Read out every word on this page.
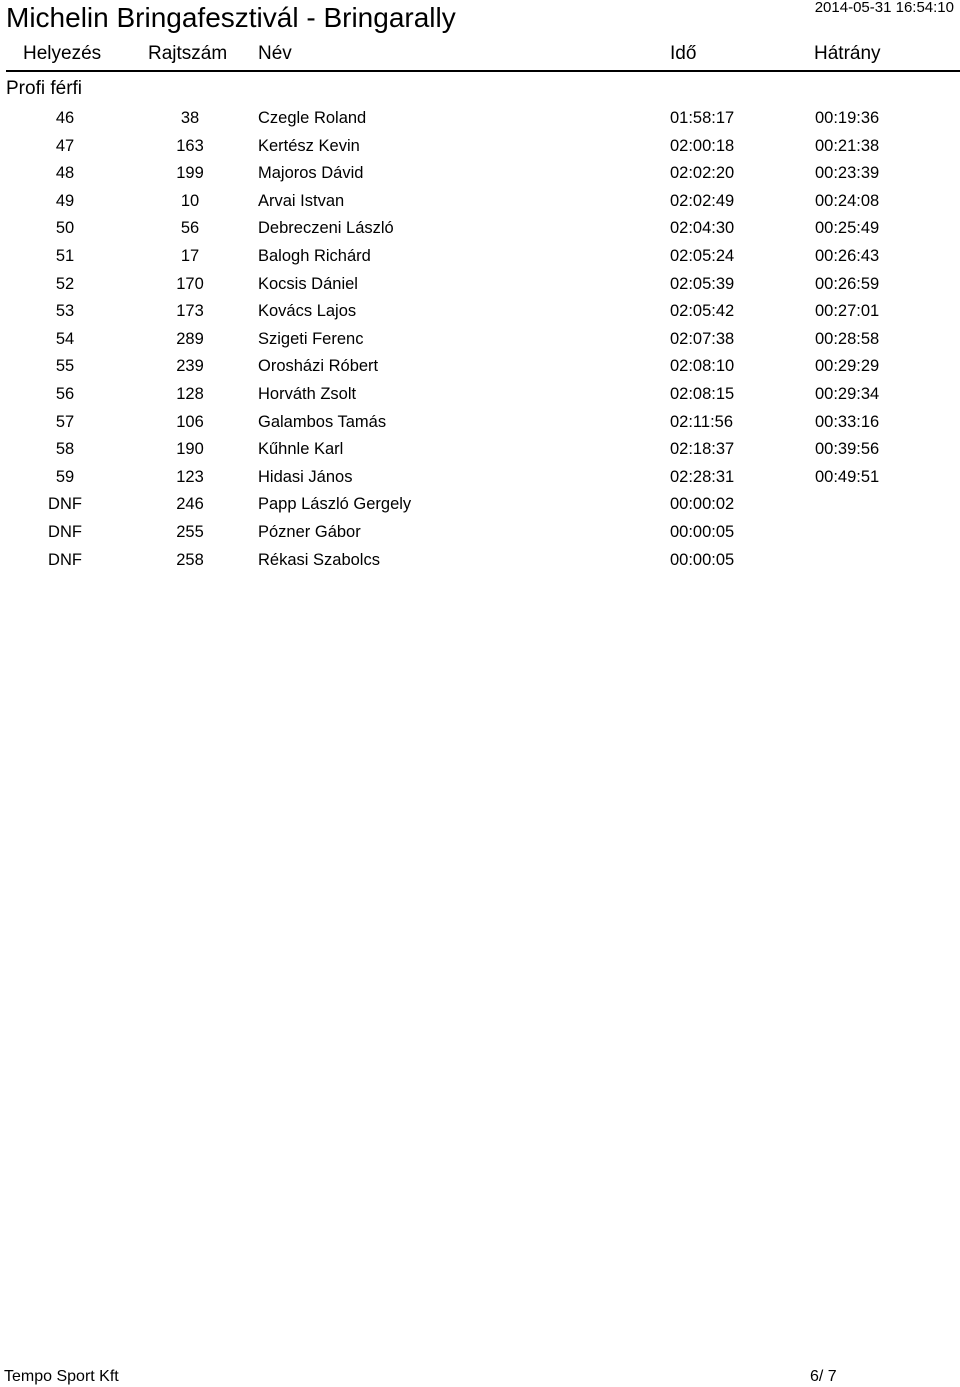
Michelin Bringafesztivál - Bringarally	2014-05-31 16:54:10
Helyezés Rajtszám Név	Idő	Hátrány
Profi férfi
46	38	Czegle Roland	01:58:17	00:19:36
47	163	Kertész Kevin	02:00:18	00:21:38
48	199	Majoros Dávid	02:02:20	00:23:39
49	10	Arvai Istvan	02:02:49	00:24:08
50	56	Debreczeni László	02:04:30	00:25:49
51	17	Balogh Richárd	02:05:24	00:26:43
52	170	Kocsis Dániel	02:05:39	00:26:59
53	173	Kovács Lajos	02:05:42	00:27:01
54	289	Szigeti Ferenc	02:07:38	00:28:58
55	239	Orosházi Róbert	02:08:10	00:29:29
56	128	Horváth Zsolt	02:08:15	00:29:34
57	106	Galambos Tamás	02:11:56	00:33:16
58	190	Kűhnle Karl	02:18:37	00:39:56
59	123	Hidasi János	02:28:31	00:49:51
DNF	246	Papp László Gergely	00:00:02
DNF	255	Pózner Gábor	00:00:05
DNF	258	Rékasi Szabolcs	00:00:05
Tempo Sport Kft	6/ 7
